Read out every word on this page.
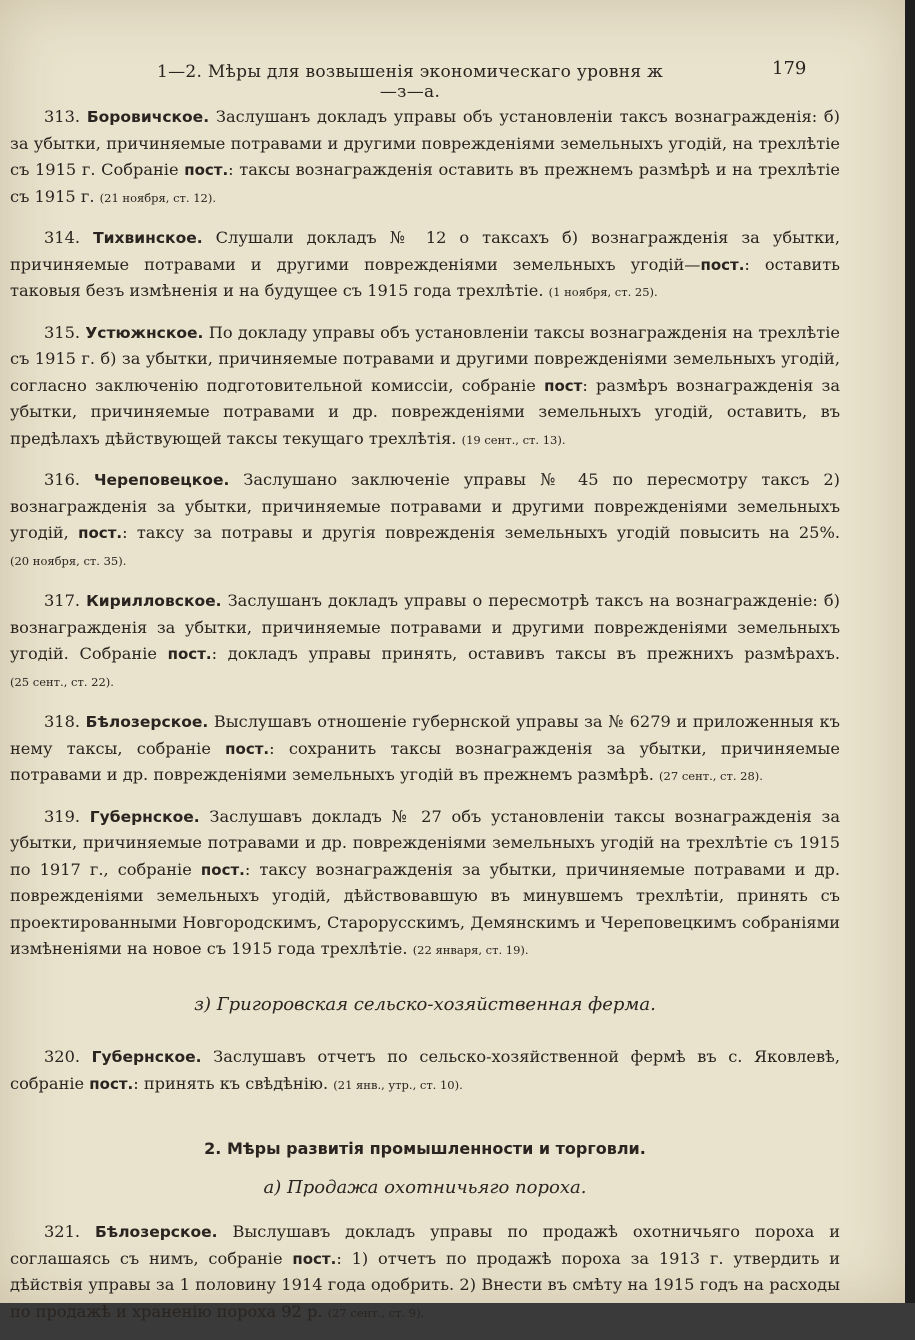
1—2. Мѣры для возвышенія экономическаго уровня ж—з—а.
179

313. Боровичское. Заслушанъ докладъ управы объ установленіи таксъ вознагражденія: б) за убытки, причиняемые потравами и другими повреждeніями земельныхъ угодій, на трехлѣтіе съ 1915 г. Собраніе пост.: таксы вознагражденія оставить въ прежнемъ размѣрѣ и на трехлѣтіе съ 1915 г. (21 ноября, ст. 12).

314. Тихвинское. Слушали докладъ № 12 о таксахъ б) вознагражденія за убытки, причиняемые потравами и другими повреждeніями земельныхъ угодій—пост.: оставить таковыя безъ измѣненія и на будущее съ 1915 года трехлѣтіе. (1 ноября, ст. 25).

315. Устюжнское. По докладу управы объ установленіи таксы вознагражденія на трехлѣтіе съ 1915 г. б) за убытки, причиняемые потравами и другими повреждeніями земельныхъ угодій, согласно заключенію подготовительной комиссіи, собраніе пост: размѣръ вознагражденія за убытки, причиняемые потравами и др. повреждeніями земельныхъ угодій, оставить, въ предѣлахъ дѣйствующей таксы текущаго трехлѣтія. (19 сент., ст. 13).

316. Череповецкое. Заслушано заключеніе управы № 45 по пересмотру таксъ 2) вознагражденія за убытки, причиняемые потравами и другими повреждeніями земельныхъ угодій, пост.: таксу за потравы и другія поврежденія земельныхъ угодій повысить на 25%. (20 ноября, ст. 35).

317. Кирилловское. Заслушанъ докладъ управы о пересмотрѣ таксъ на вознагражденіе: б) вознагражденія за убытки, причиняемые потравами и другими повреждeніями земельныхъ угодій. Собраніе пост.: докладъ управы принять, оставивъ таксы въ прежнихъ размѣрахъ. (25 сент., ст. 22).

318. Бѣлозерское. Выслушавъ отношеніе губернской управы за № 6279 и приложенныя къ нему таксы, собраніе пост.: сохранить таксы вознагражденія за убытки, причиняемые потравами и др. повреждeніями земельныхъ угодій въ прежнемъ размѣрѣ. (27 сент., ст. 28).

319. Губернское. Заслушавъ докладъ № 27 объ установленіи таксы вознагражденія за убытки, причиняемые потравами и др. повреждeніями земельныхъ угодій на трехлѣтіе съ 1915 по 1917 г., собраніе пост.: таксу вознагражденія за убытки, причиняемые потравами и др. повреждeніями земельныхъ угодій, дѣйствовавшую въ минувшемъ трехлѣтіи, принять съ проектированными Новгородскимъ, Старорусскимъ, Демянскимъ и Череповецкимъ собраніями измѣненіями на новое съ 1915 года трехлѣтіе. (22 января, ст. 19).

з) Григоровская сельско-хозяйственная ферма.

320. Губернское. Заслушавъ отчетъ по сельско-хозяйственной фермѣ въ с. Яковлевѣ, собраніе пост.: принять къ свѣдѣнію. (21 янв., утр., ст. 10).

2. Мѣры развитія промышленности и торговли.
а) Продажа охотничьяго пороха.

321. Бѣлозерское. Выслушавъ докладъ управы по продажѣ охотничьяго пороха и соглашаясь съ нимъ, собраніе пост.: 1) отчетъ по продажѣ пороха за 1913 г. утвердить и дѣйствія управы за 1 половину 1914 года одобрить. 2) Внести въ смѣту на 1915 годъ на расходы по продажѣ и храненію пороха 92 р. (27 сент., ст. 9).
